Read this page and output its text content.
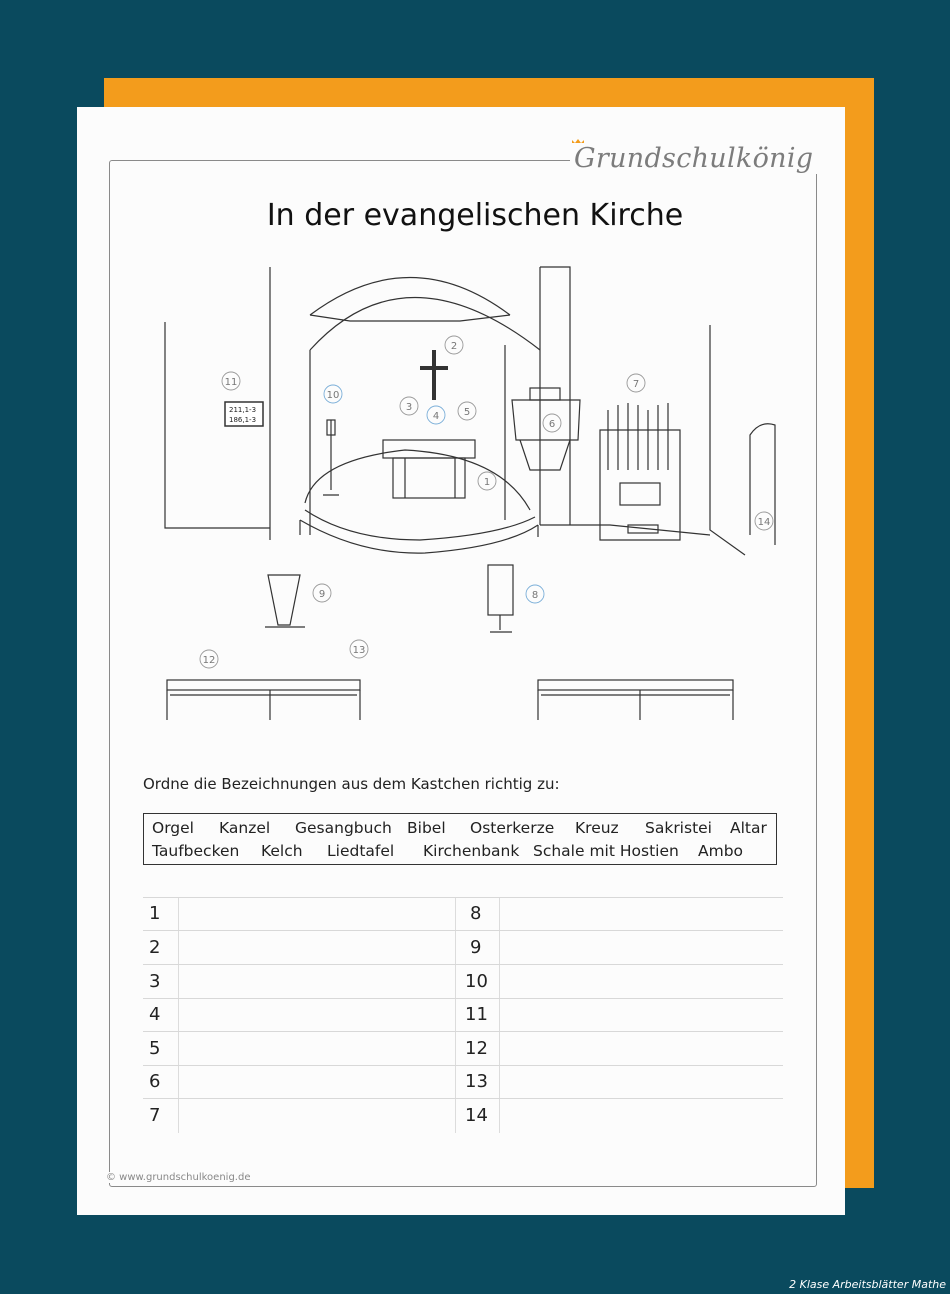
Grundschulkönig
In der evangelischen Kirche
211,1-3
186,1-3
1
2
3
4 5
6
7
8
9
10
11
12
13
14
Ordne die Bezeichnungen aus dem Kastchen richtig zu:
Orgel Kanzel Gesangbuch Bibel Osterkerze Kreuz Sakristei Altar
Taufbecken Kelch Liedtafel Kirchenbank Schale mit Hostien Ambo
1	8
2	9
3	10
4	11
5	12
6	13
7	14
© www.grundschulkoenig.de
2 Klase Arbeitsblätter Mathe
